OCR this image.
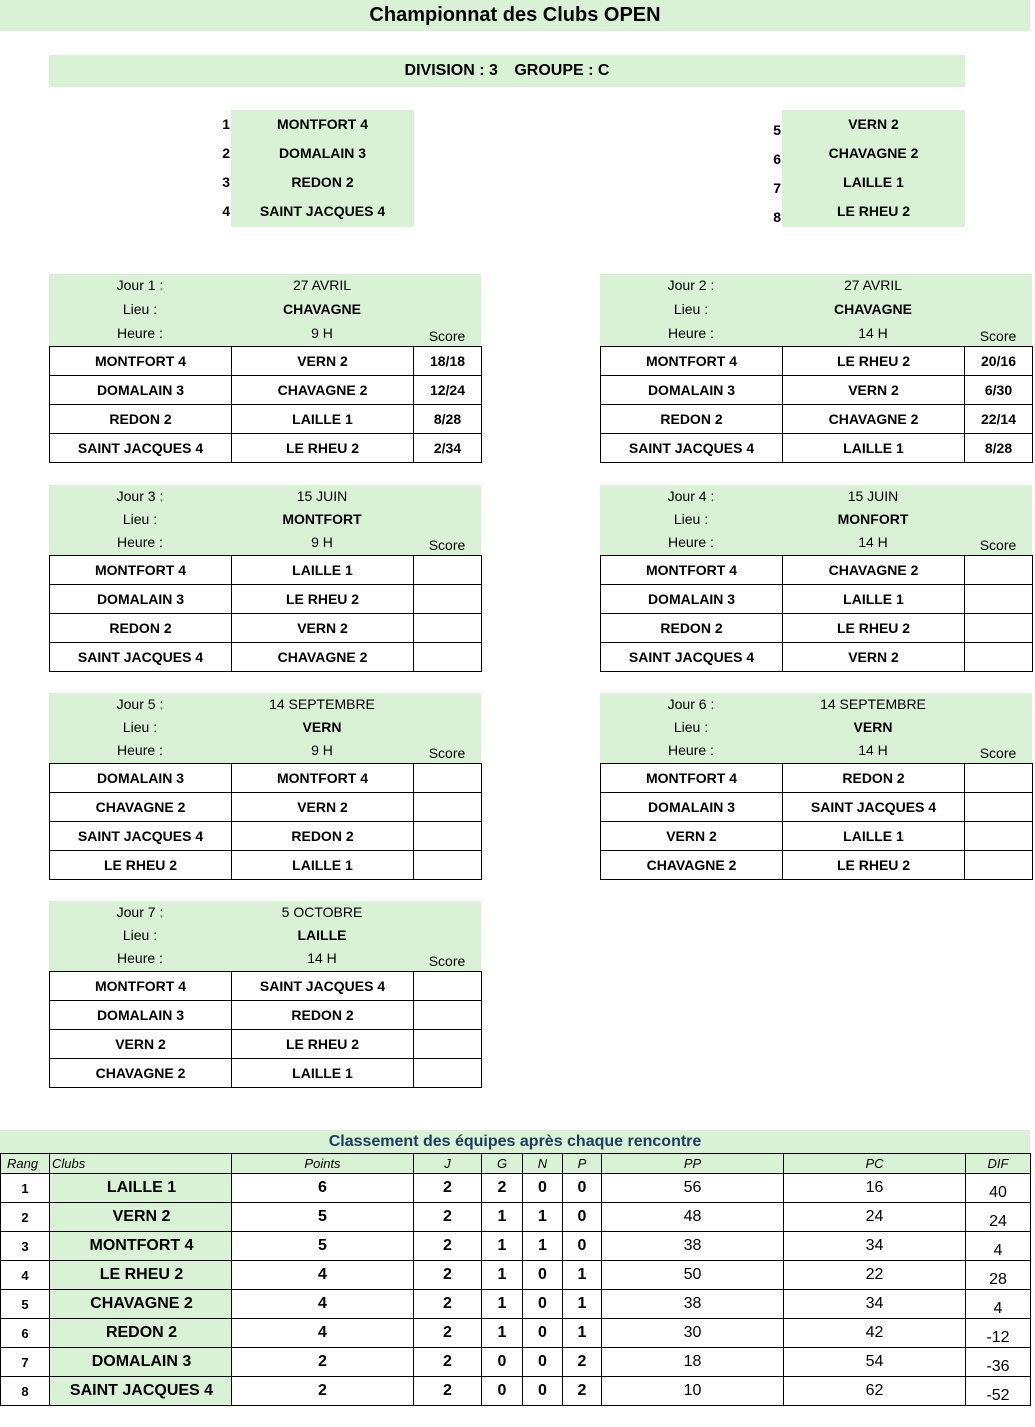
Championnat des Clubs OPEN
DIVISION : 3 GROUPE : C
1	MONTFORT 4
2	DOMALAIN 3
3	REDON 2
4	SAINT JACQUES 4
5	VERN 2
6	CHAVAGNE 2
7	LAILLE 1
8	LE RHEU 2
Jour 1 :	27 AVRIL
Lieu :	CHAVAGNE
Heure :	9 H	Score
MONTFORT 4	VERN 2	18/18
DOMALAIN 3	CHAVAGNE 2	12/24
REDON 2	LAILLE 1	8/28
SAINT JACQUES 4	LE RHEU 2	2/34
Jour 2 :	27 AVRIL
Lieu :	CHAVAGNE
Heure :	14 H	Score
MONTFORT 4	LE RHEU 2	20/16
DOMALAIN 3	VERN 2	6/30
REDON 2	CHAVAGNE 2	22/14
SAINT JACQUES 4	LAILLE 1	8/28
Jour 3 :	15 JUIN
Lieu :	MONTFORT
Heure :	9 H	Score
MONTFORT 4	LAILLE 1	
DOMALAIN 3	LE RHEU 2	
REDON 2	VERN 2	
SAINT JACQUES 4	CHAVAGNE 2	
Jour 4 :	15 JUIN
Lieu :	MONFORT
Heure :	14 H	Score
MONTFORT 4	CHAVAGNE 2	
DOMALAIN 3	LAILLE 1	
REDON 2	LE RHEU 2	
SAINT JACQUES 4	VERN 2	
Jour 5 :	14 SEPTEMBRE
Lieu :	VERN
Heure :	9 H	Score
DOMALAIN 3	MONTFORT 4	
CHAVAGNE 2	VERN 2	
SAINT JACQUES 4	REDON 2	
LE RHEU 2	LAILLE 1	
Jour 6 :	14 SEPTEMBRE
Lieu :	VERN
Heure :	14 H	Score
MONTFORT 4	REDON 2	
DOMALAIN 3	SAINT JACQUES 4	
VERN 2	LAILLE 1	
CHAVAGNE 2	LE RHEU 2	
Jour 7 :	5 OCTOBRE
Lieu :	LAILLE
Heure :	14 H	Score
MONTFORT 4	SAINT JACQUES 4	
DOMALAIN 3	REDON 2	
VERN 2	LE RHEU 2	
CHAVAGNE 2	LAILLE 1	
Classement des équipes après chaque rencontre
Rang	Clubs	Points	J	G	N	P	PP	PC	DIF
1	LAILLE 1	6	2	2	0	0	56	16	40
2	VERN 2	5	2	1	1	0	48	24	24
3	MONTFORT 4	5	2	1	1	0	38	34	4
4	LE RHEU 2	4	2	1	0	1	50	22	28
5	CHAVAGNE 2	4	2	1	0	1	38	34	4
6	REDON 2	4	2	1	0	1	30	42	-12
7	DOMALAIN 3	2	2	0	0	2	18	54	-36
8	SAINT JACQUES 4	2	2	0	0	2	10	62	-52
